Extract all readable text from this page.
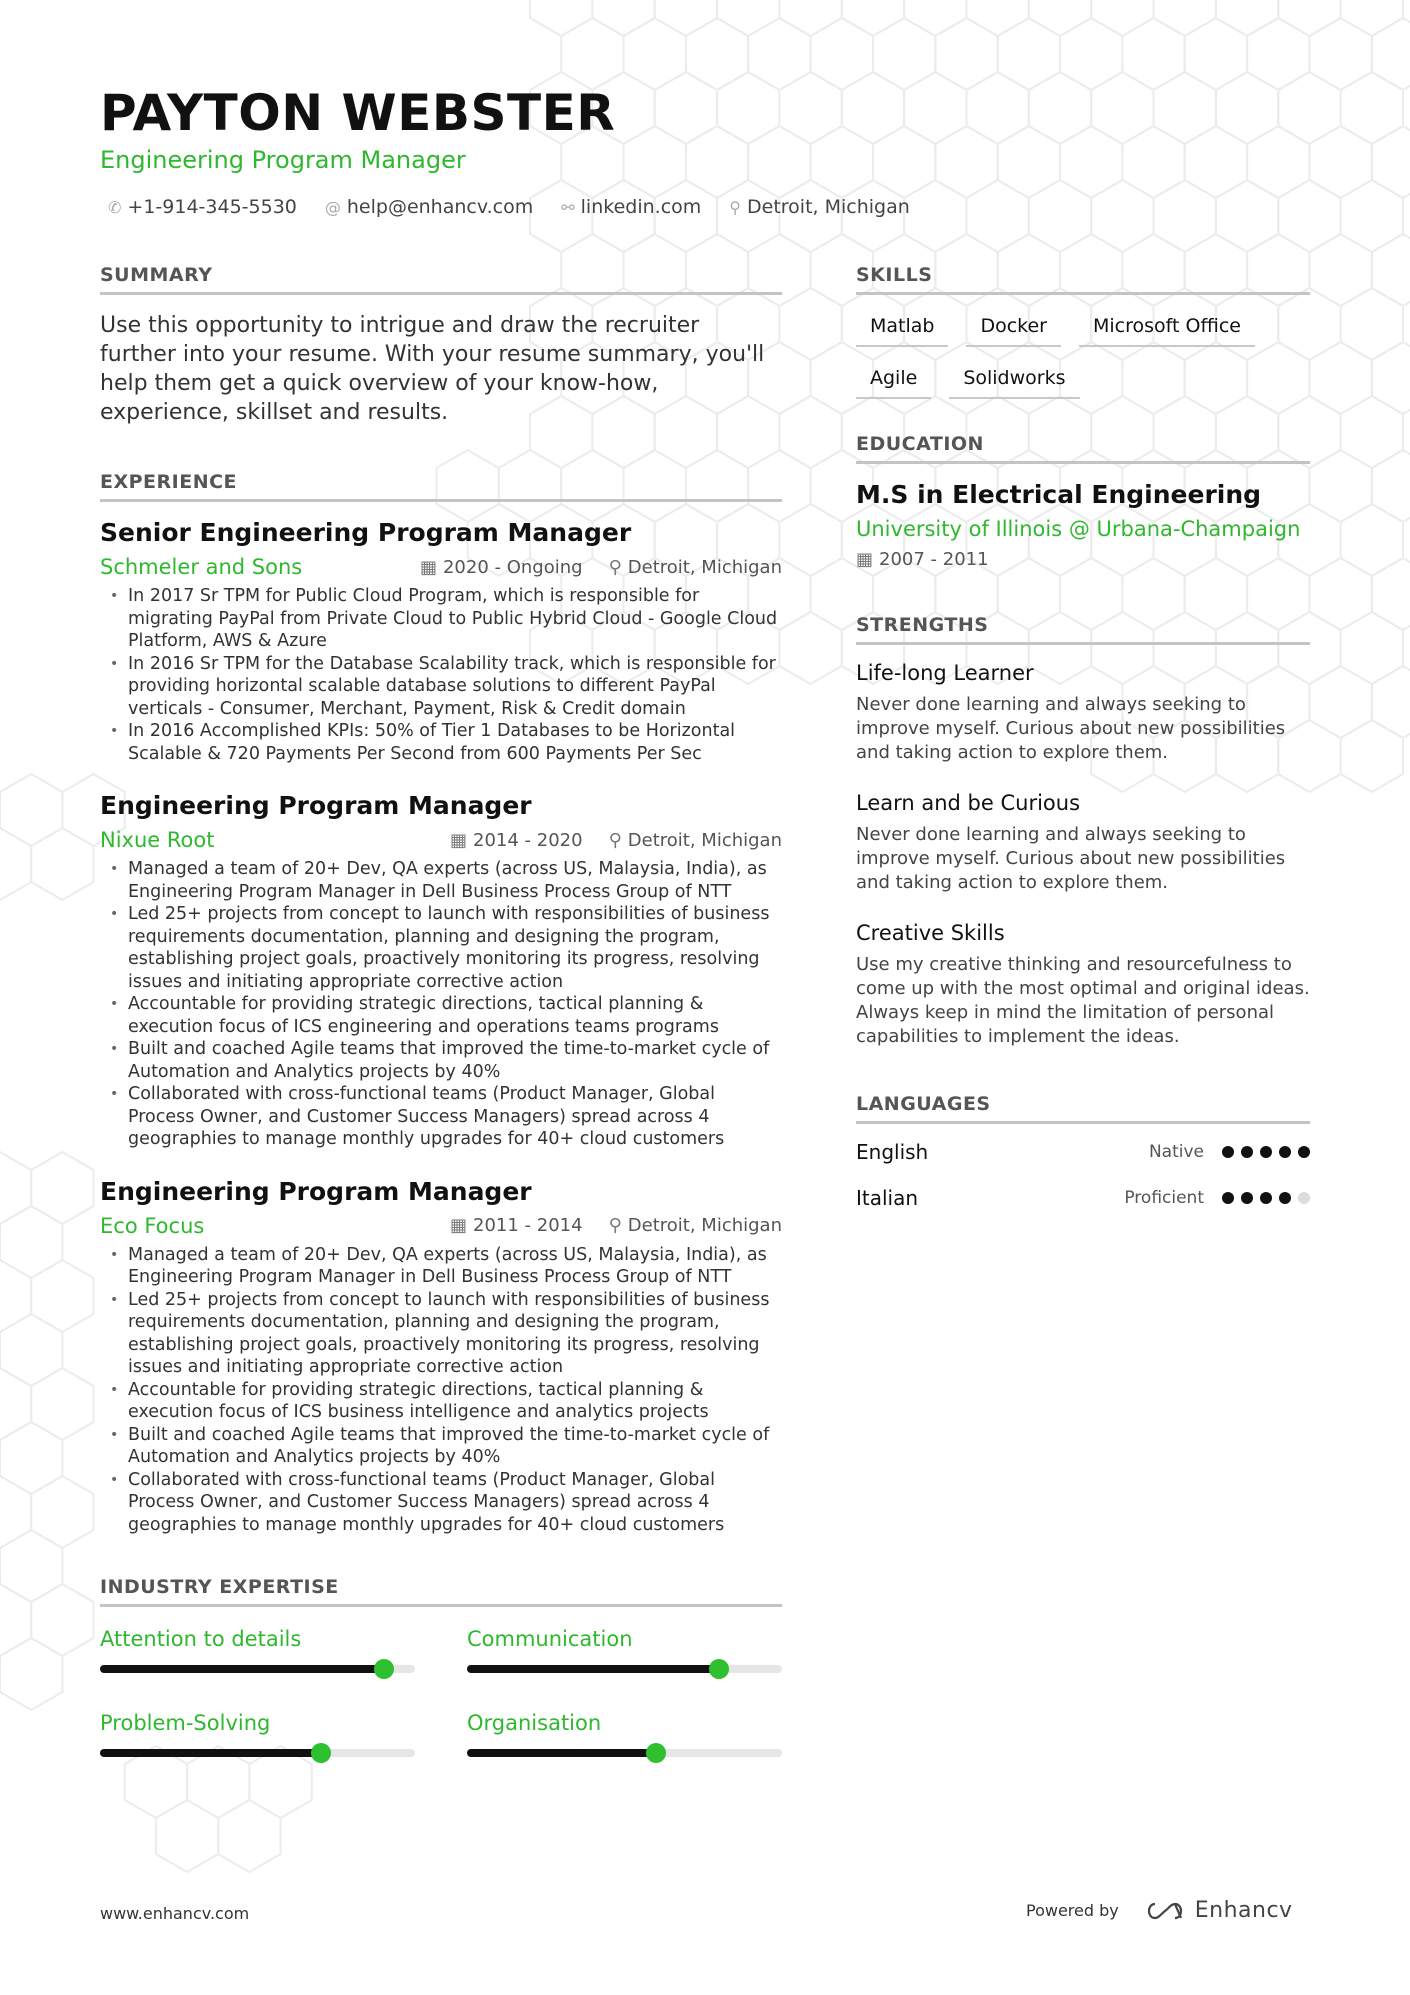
PAYTON WEBSTER
Engineering Program Manager
✆ +1-914-345-5530 @ help@enhancv.com ⚯ linkedin.com ⚲ Detroit, Michigan
SUMMARY

Use this opportunity to intrigue and draw the recruiter further into your resume. With your resume summary, you'll help them get a quick overview of your know-how, experience, skillset and results.

EXPERIENCE
Senior Engineering Program Manager
Schmeler and Sons	▦ 2020 - Ongoing ⚲ Detroit, Michigan
• In 2017 Sr TPM for Public Cloud Program, which is responsible for migrating PayPal from Private Cloud to Public Hybrid Cloud - Google Cloud Platform, AWS & Azure
• In 2016 Sr TPM for the Database Scalability track, which is responsible for providing horizontal scalable database solutions to different PayPal verticals - Consumer, Merchant, Payment, Risk & Credit domain
• In 2016 Accomplished KPIs: 50% of Tier 1 Databases to be Horizontal Scalable & 720 Payments Per Second from 600 Payments Per Sec
Engineering Program Manager
Nixue Root	▦ 2014 - 2020 ⚲ Detroit, Michigan
• Managed a team of 20+ Dev, QA experts (across US, Malaysia, India), as Engineering Program Manager in Dell Business Process Group of NTT
• Led 25+ projects from concept to launch with responsibilities of business requirements documentation, planning and designing the program, establishing project goals, proactively monitoring its progress, resolving issues and initiating appropriate corrective action
• Accountable for providing strategic directions, tactical planning & execution focus of ICS engineering and operations teams programs
• Built and coached Agile teams that improved the time-to-market cycle of Automation and Analytics projects by 40%
• Collaborated with cross-functional teams (Product Manager, Global Process Owner, and Customer Success Managers) spread across 4 geographies to manage monthly upgrades for 40+ cloud customers
Engineering Program Manager
Eco Focus	▦ 2011 - 2014 ⚲ Detroit, Michigan
• Managed a team of 20+ Dev, QA experts (across US, Malaysia, India), as Engineering Program Manager in Dell Business Process Group of NTT
• Led 25+ projects from concept to launch with responsibilities of business requirements documentation, planning and designing the program, establishing project goals, proactively monitoring its progress, resolving issues and initiating appropriate corrective action
• Accountable for providing strategic directions, tactical planning & execution focus of ICS business intelligence and analytics projects
• Built and coached Agile teams that improved the time-to-market cycle of Automation and Analytics projects by 40%
• Collaborated with cross-functional teams (Product Manager, Global Process Owner, and Customer Success Managers) spread across 4 geographies to manage monthly upgrades for 40+ cloud customers
INDUSTRY EXPERTISE
Attention to details	Communication
Problem-Solving	Organisation
SKILLS
Matlab	Docker	Microsoft Office
Agile	Solidworks
EDUCATION
M.S in Electrical Engineering
University of Illinois @ Urbana-Champaign
▦ 2007 - 2011
STRENGTHS
Life-long Learner

Never done learning and always seeking to improve myself. Curious about new possibilities and taking action to explore them.

Learn and be Curious

Never done learning and always seeking to improve myself. Curious about new possibilities and taking action to explore them.

Creative Skills

Use my creative thinking and resourcefulness to come up with the most optimal and original ideas. Always keep in mind the limitation of personal capabilities to implement the ideas.

LANGUAGES
English	Native
Italian	Proficient
www.enhancv.com	Powered by	Enhancv
